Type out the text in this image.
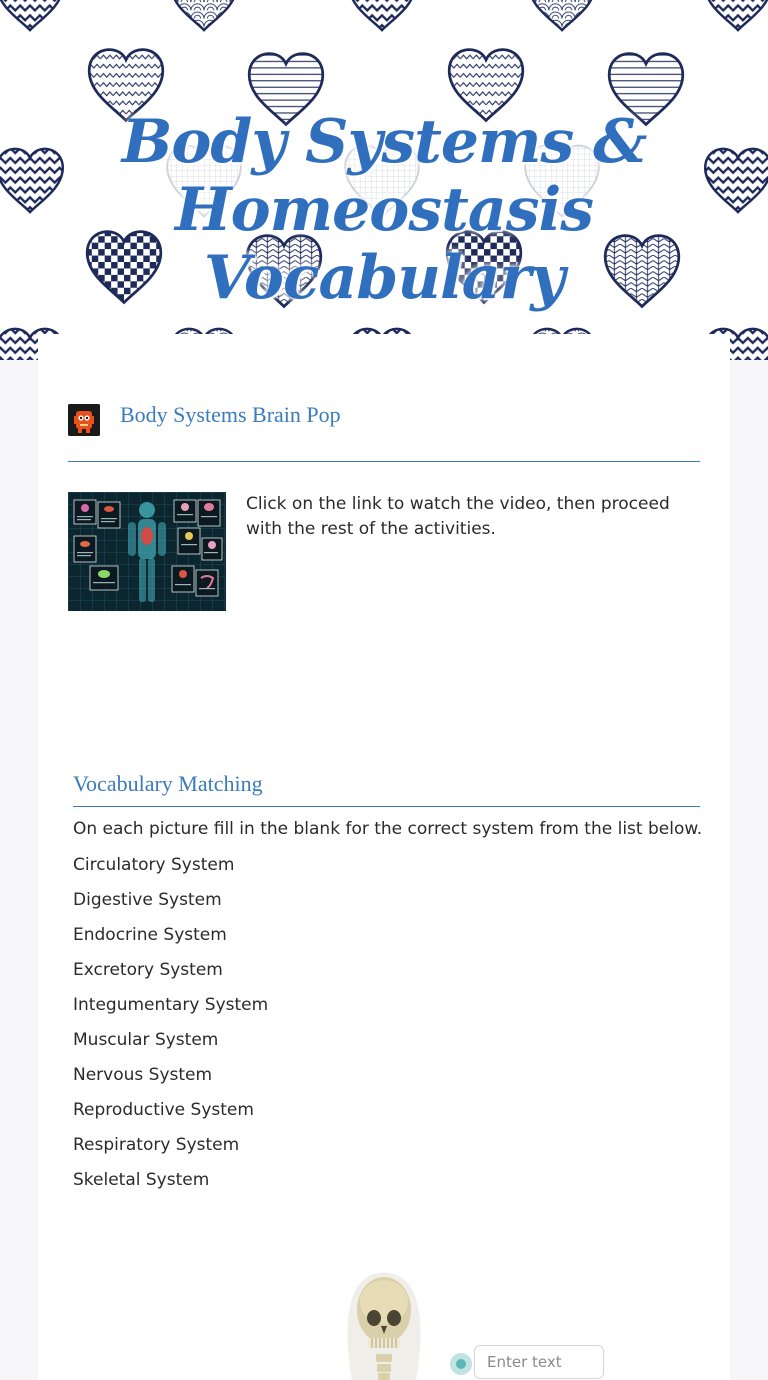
Body Systems &
Homeostasis Vocabulary
Body Systems Brain Pop
Click on the link to watch the video, then proceed with the rest of the activities.
Vocabulary Matching
On each picture fill in the blank for the correct system from the list below.
Circulatory System
Digestive System
Endocrine System
Excretory System
Integumentary System
Muscular System
Nervous System
Reproductive System
Respiratory System
Skeletal System
Enter text
